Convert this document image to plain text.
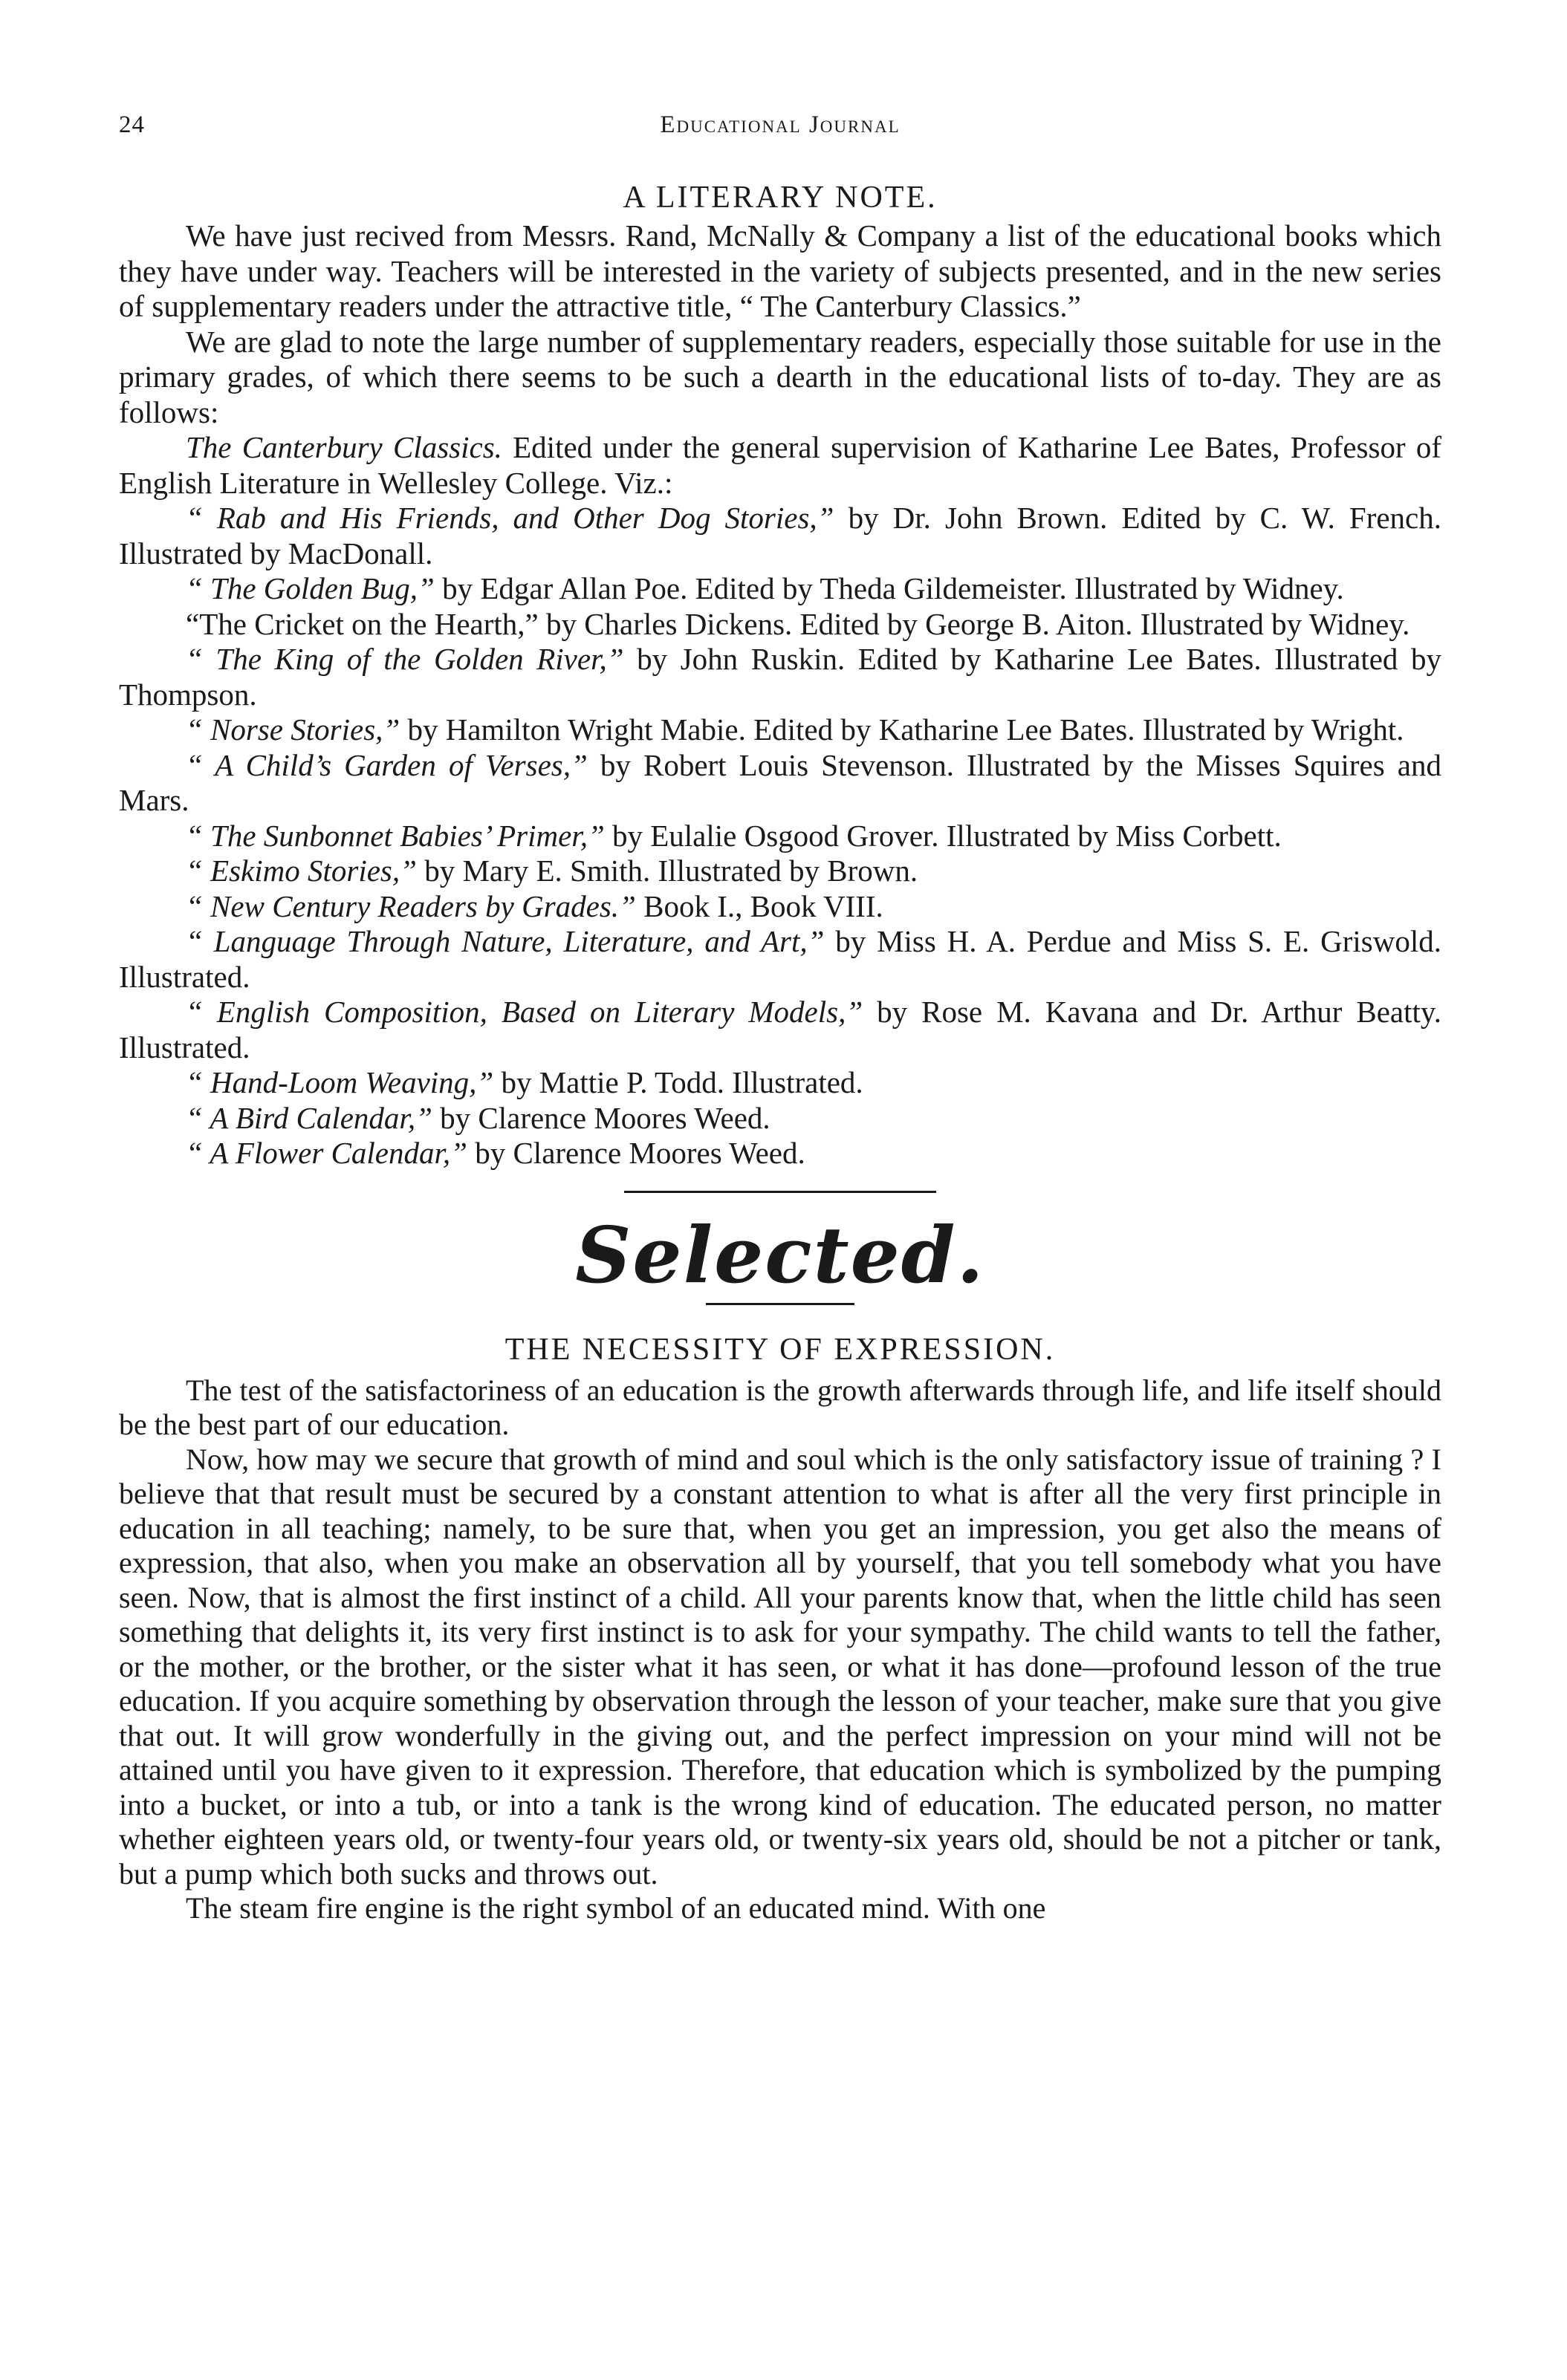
24	Educational Journal
A LITERARY NOTE.

We have just recived from Messrs. Rand, McNally & Company a list of the educational books which they have under way. Teachers will be interested in the variety of subjects presented, and in the new series of supplementary readers under the attractive title, “ The Canterbury Classics.”

We are glad to note the large number of supplementary readers, especially those suitable for use in the primary grades, of which there seems to be such a dearth in the educational lists of to-day. They are as follows:

The Canterbury Classics. Edited under the general supervision of Katharine Lee Bates, Professor of English Literature in Wellesley College. Viz.:

“ Rab and His Friends, and Other Dog Stories,” by Dr. John Brown. Edited by C. W. French. Illustrated by MacDonall.

“ The Golden Bug,” by Edgar Allan Poe. Edited by Theda Gildemeister. Illustrated by Widney.

“The Cricket on the Hearth,” by Charles Dickens. Edited by George B. Aiton. Illustrated by Widney.

“ The King of the Golden River,” by John Ruskin. Edited by Katharine Lee Bates. Illustrated by Thompson.

“ Norse Stories,” by Hamilton Wright Mabie. Edited by Katharine Lee Bates. Illustrated by Wright.

“ A Child’s Garden of Verses,” by Robert Louis Stevenson. Illustrated by the Misses Squires and Mars.

“ The Sunbonnet Babies’ Primer,” by Eulalie Osgood Grover. Illustrated by Miss Corbett.

“ Eskimo Stories,” by Mary E. Smith. Illustrated by Brown.

“ New Century Readers by Grades.” Book I., Book VIII.

“ Language Through Nature, Literature, and Art,” by Miss H. A. Perdue and Miss S. E. Griswold. Illustrated.

“ English Composition, Based on Literary Models,” by Rose M. Kavana and Dr. Arthur Beatty. Illustrated.

“ Hand-Loom Weaving,” by Mattie P. Todd. Illustrated.

“ A Bird Calendar,” by Clarence Moores Weed.

“ A Flower Calendar,” by Clarence Moores Weed.

Selected.
THE NECESSITY OF EXPRESSION.

The test of the satisfactoriness of an education is the growth afterwards through life, and life itself should be the best part of our education.

Now, how may we secure that growth of mind and soul which is the only satisfactory issue of training ? I believe that that result must be secured by a constant attention to what is after all the very first principle in education in all teaching; namely, to be sure that, when you get an impression, you get also the means of expression, that also, when you make an observation all by yourself, that you tell somebody what you have seen. Now, that is almost the first instinct of a child. All your parents know that, when the little child has seen something that delights it, its very first instinct is to ask for your sympathy. The child wants to tell the father, or the mother, or the brother, or the sister what it has seen, or what it has done—profound lesson of the true education. If you acquire something by observation through the lesson of your teacher, make sure that you give that out. It will grow wonderfully in the giving out, and the perfect impression on your mind will not be attained until you have given to it expression. Therefore, that education which is symbolized by the pumping into a bucket, or into a tub, or into a tank is the wrong kind of education. The educated person, no matter whether eighteen years old, or twenty-four years old, or twenty-six years old, should be not a pitcher or tank, but a pump which both sucks and throws out.

The steam fire engine is the right symbol of an educated mind. With one
